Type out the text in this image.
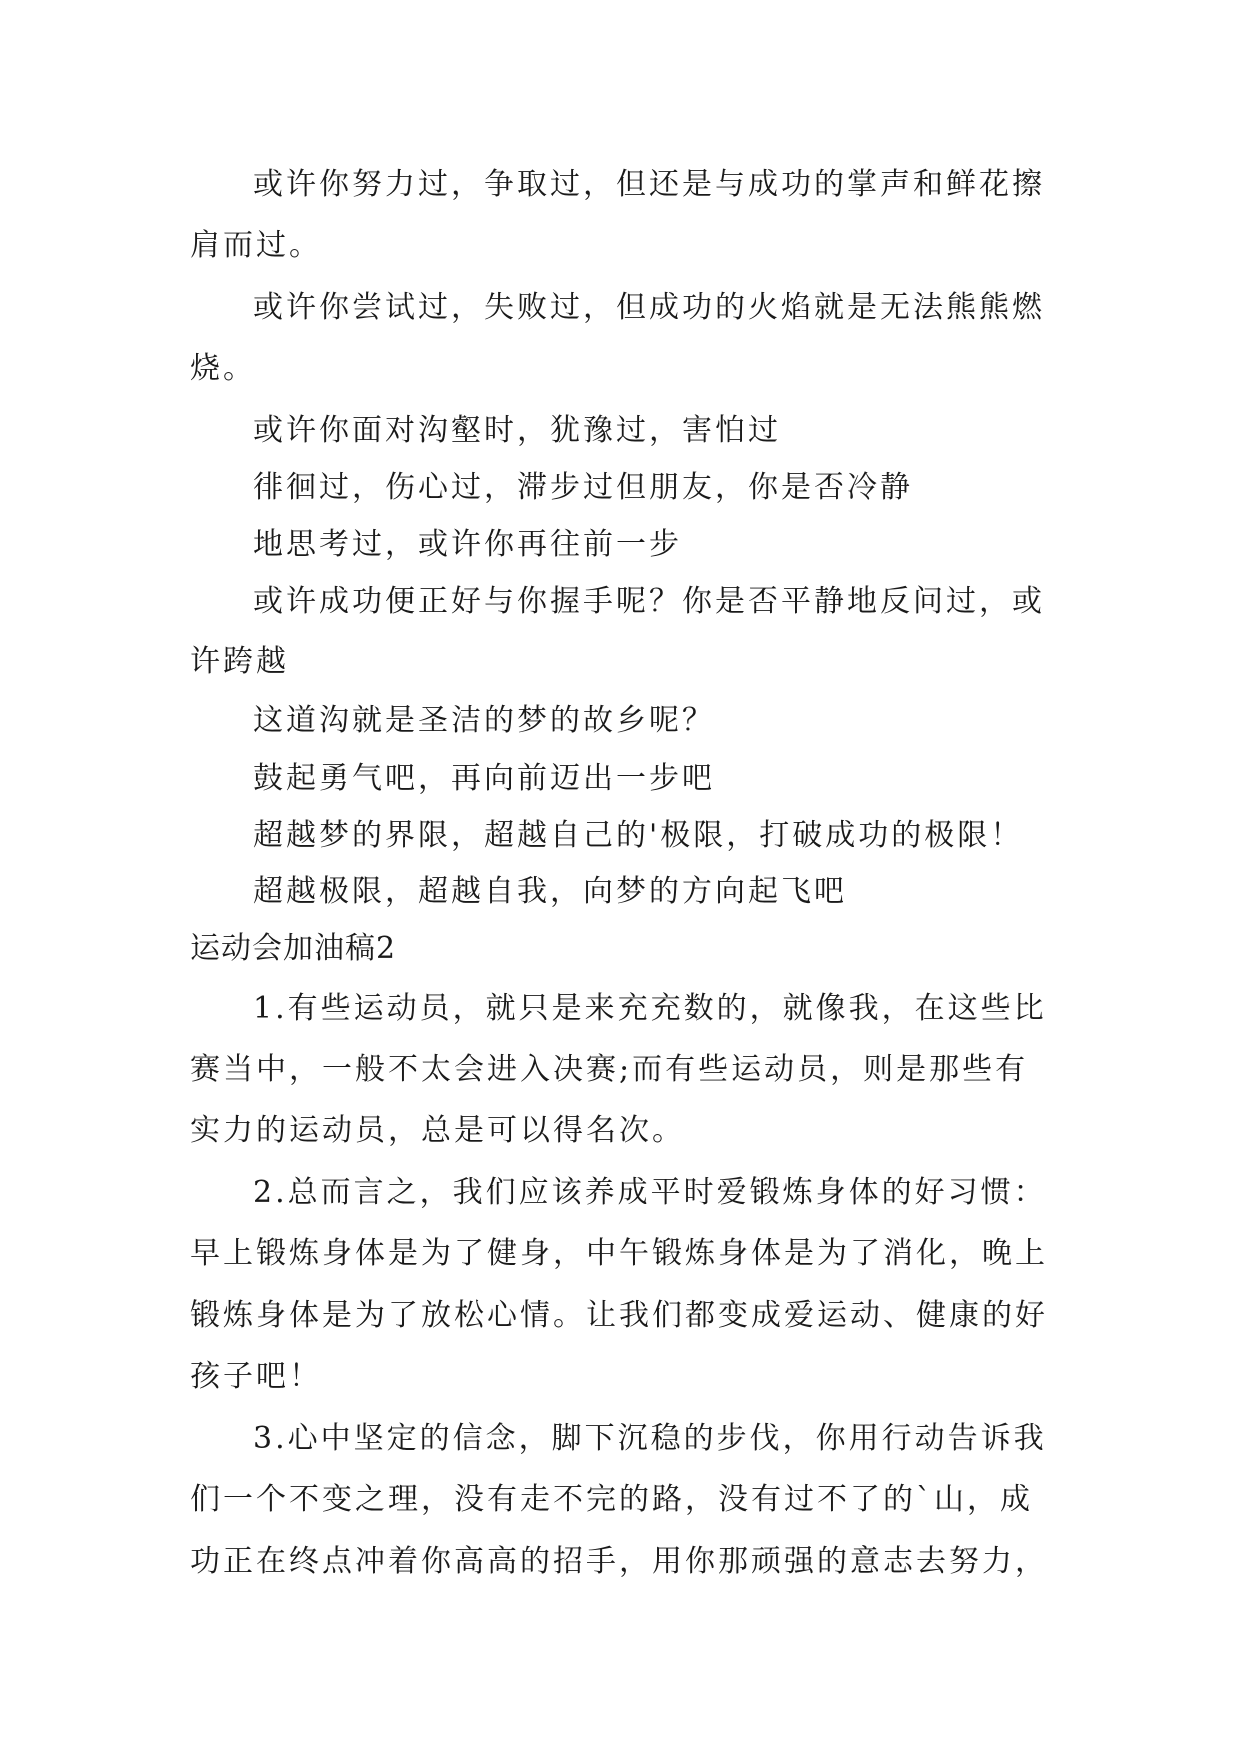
或许你努力过，争取过，但还是与成功的掌声和鲜花擦
肩而过。
或许你尝试过，失败过，但成功的火焰就是无法熊熊燃
烧。
或许你面对沟壑时，犹豫过，害怕过
徘徊过，伤心过，滞步过但朋友，你是否冷静
地思考过，或许你再往前一步
或许成功便正好与你握手呢？你是否平静地反问过，或
许跨越
这道沟就是圣洁的梦的故乡呢？
鼓起勇气吧，再向前迈出一步吧
超越梦的界限，超越自己的'极限，打破成功的极限！
超越极限，超越自我，向梦的方向起飞吧
运动会加油稿2
1.有些运动员，就只是来充充数的，就像我，在这些比
赛当中，一般不太会进入决赛;而有些运动员，则是那些有
实力的运动员，总是可以得名次。
2.总而言之，我们应该养成平时爱锻炼身体的好习惯：
早上锻炼身体是为了健身，中午锻炼身体是为了消化，晚上
锻炼身体是为了放松心情。让我们都变成爱运动、健康的好
孩子吧！
3.心中坚定的信念，脚下沉稳的步伐，你用行动告诉我
们一个不变之理，没有走不完的路，没有过不了的`山，成
功正在终点冲着你高高的招手，用你那顽强的意志去努力，
